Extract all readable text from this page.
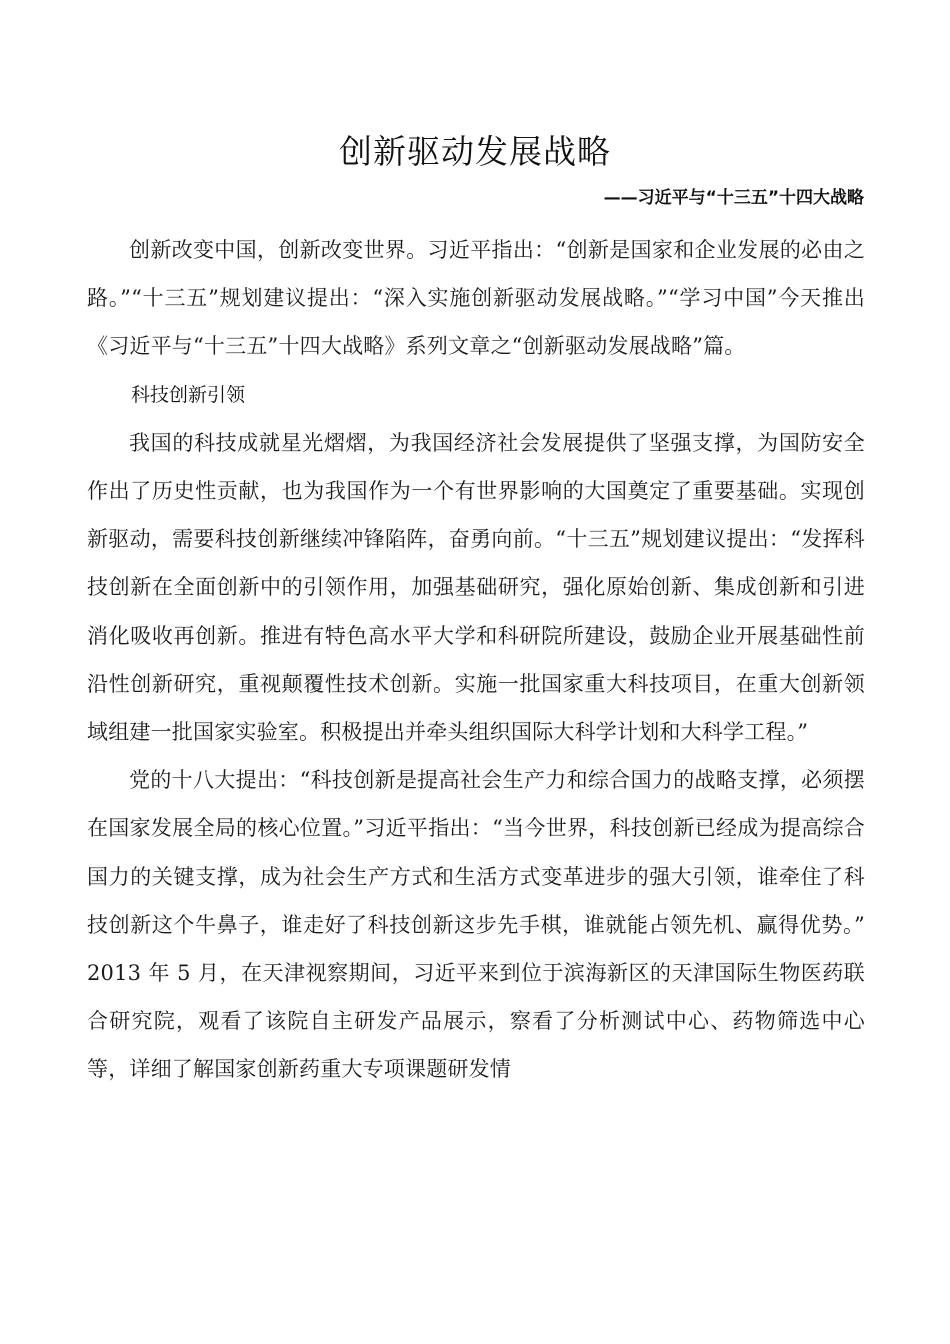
创新驱动发展战略
——习近平与“十三五”十四大战略

创新改变中国，创新改变世界。习近平指出：“创新是国家和企业发展的必由之路。”“十三五”规划建议提出：“深入实施创新驱动发展战略。”“学习中国”今天推出《习近平与“十三五”十四大战略》系列文章之“创新驱动发展战略”篇。

科技创新引领

我国的科技成就星光熠熠，为我国经济社会发展提供了坚强支撑，为国防安全作出了历史性贡献，也为我国作为一个有世界影响的大国奠定了重要基础。实现创新驱动，需要科技创新继续冲锋陷阵，奋勇向前。“十三五”规划建议提出：“发挥科技创新在全面创新中的引领作用，加强基础研究，强化原始创新、集成创新和引进消化吸收再创新。推进有特色高水平大学和科研院所建设，鼓励企业开展基础性前沿性创新研究，重视颠覆性技术创新。实施一批国家重大科技项目，在重大创新领域组建一批国家实验室。积极提出并牵头组织国际大科学计划和大科学工程。”

党的十八大提出：“科技创新是提高社会生产力和综合国力的战略支撑，必须摆在国家发展全局的核心位置。”习近平指出：“当今世界，科技创新已经成为提高综合国力的关键支撑，成为社会生产方式和生活方式变革进步的强大引领，谁牵住了科技创新这个牛鼻子，谁走好了科技创新这步先手棋，谁就能占领先机、赢得优势。” 2013 年 5 月，在天津视察期间，习近平来到位于滨海新区的天津国际生物医药联合研究院，观看了该院自主研发产品展示，察看了分析测试中心、药物筛选中心等，详细了解国家创新药重大专项课题研发情
